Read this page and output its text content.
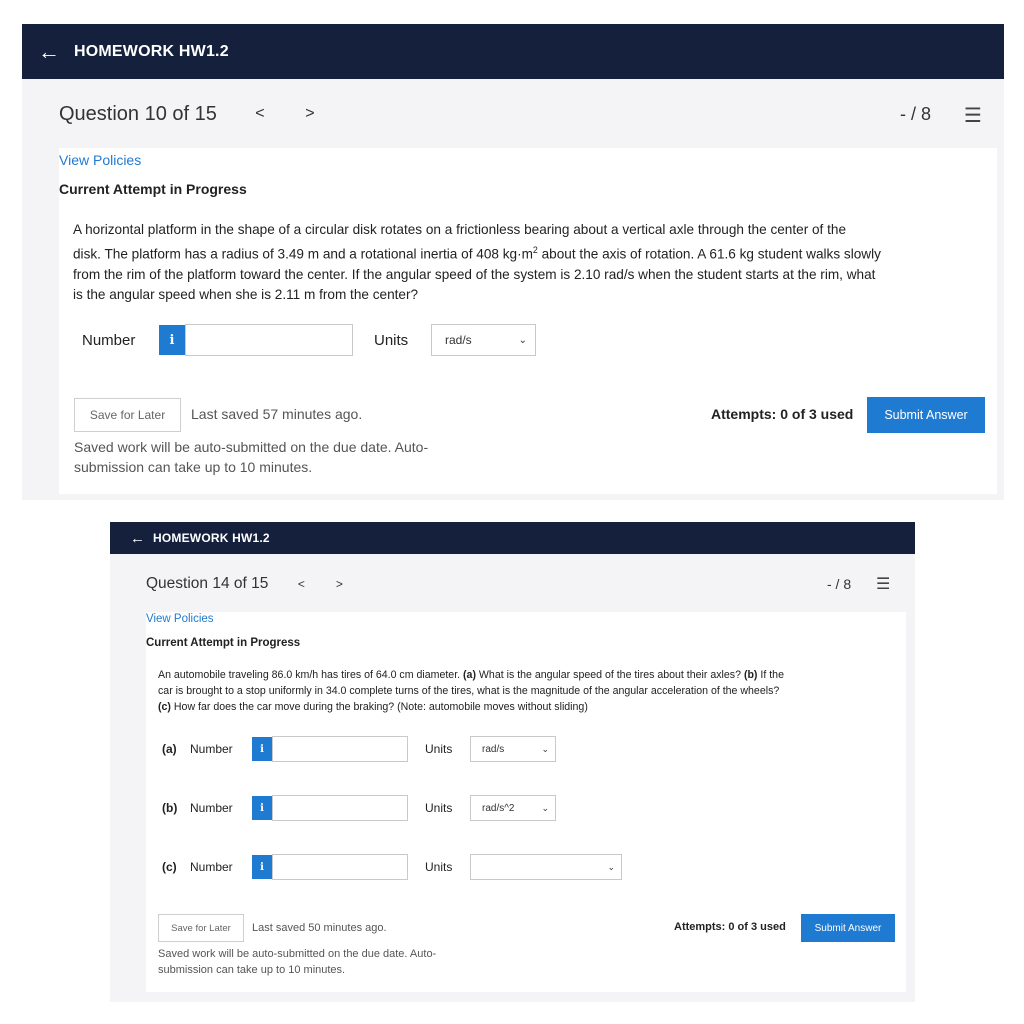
← HOMEWORK HW1.2
Question 10 of 15 <	>	- / 8 ☰
View Policies
Current Attempt in Progress
A horizontal platform in the shape of a circular disk rotates on a frictionless bearing about a vertical axle through the center of the
disk. The platform has a radius of 3.49 m and a rotational inertia of 408 $kg\cdot m^2$ about the axis of rotation. A 61.6 kg student walks slowly
from the rim of the platform toward the center. If the angular speed of the system is 2.10 rad/s when the student starts at the rim, what
is the angular speed when she is 2.11 m from the center?
Number	i	Units	rad/s	⌄
Save for Later	Last saved 57 minutes ago.	Attempts: 0 of 3 used	Submit Answer
Saved work will be auto-submitted on the due date. Auto-
submission can take up to 10 minutes.
← HOMEWORK HW1.2
Question 14 of 15 <	>	- / 8 ☰
View Policies
Current Attempt in Progress
An automobile traveling 86.0 km/h has tires of 64.0 cm diameter. (a) What is the angular speed of the tires about their axles? (b) If the
car is brought to a stop uniformly in 34.0 complete turns of the tires, what is the magnitude of the angular acceleration of the wheels?
(c) How far does the car move during the braking? (Note: automobile moves without sliding)
(a)	Number	i	Units	rad/s	⌄
(b)	Number	i	Units	rad/s^2	⌄
(c)	Number	i	Units	⌄
Save for Later	Last saved 50 minutes ago.	Attempts: 0 of 3 used	Submit Answer
Saved work will be auto-submitted on the due date. Auto-
submission can take up to 10 minutes.
